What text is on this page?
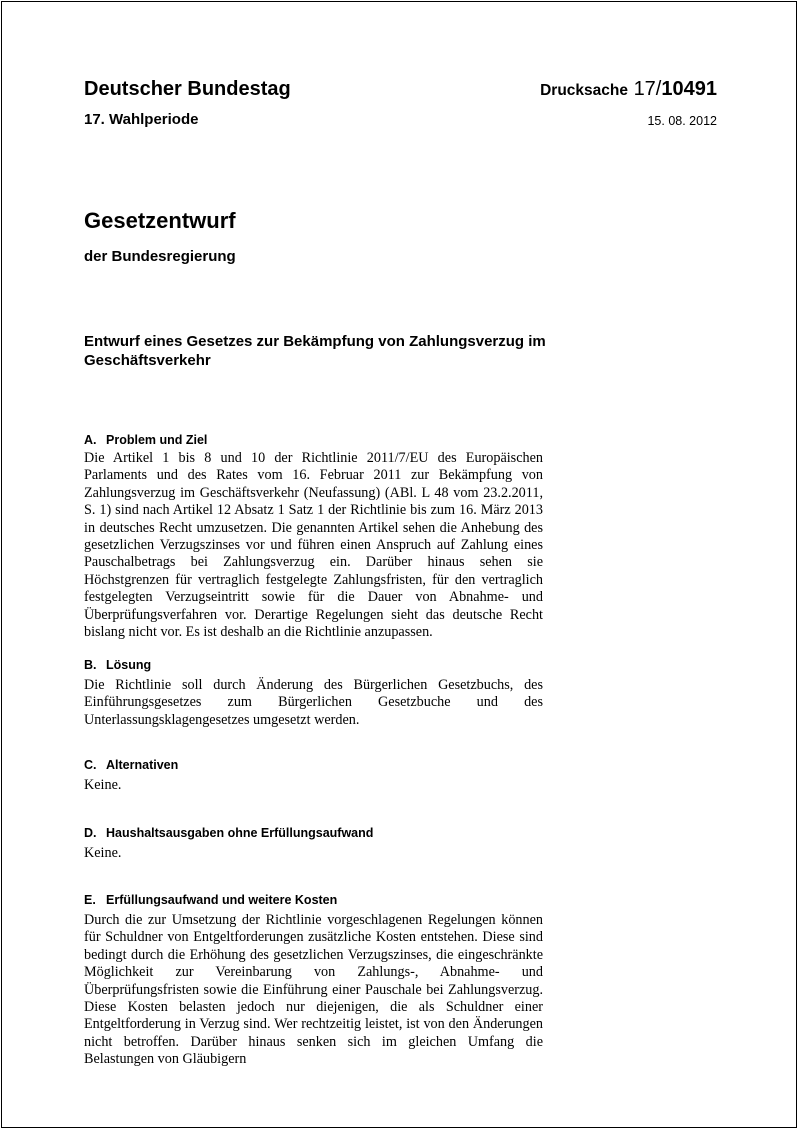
Deutscher Bundestag
17. Wahlperiode
Drucksache 17/10491
15. 08. 2012
Gesetzentwurf
der Bundesregierung
Entwurf eines Gesetzes zur Bekämpfung von Zahlungsverzug im Geschäftsverkehr
A. Problem und Ziel

Die Artikel 1 bis 8 und 10 der Richtlinie 2011/7/EU des Europäischen Parlaments und des Rates vom 16. Februar 2011 zur Bekämpfung von Zahlungsverzug im Geschäftsverkehr (Neufassung) (ABl. L 48 vom 23.2.2011, S. 1) sind nach Artikel 12 Absatz 1 Satz 1 der Richtlinie bis zum 16. März 2013 in deutsches Recht umzusetzen. Die genannten Artikel sehen die Anhebung des gesetzlichen Verzugszinses vor und führen einen Anspruch auf Zahlung eines Pauschalbetrags bei Zahlungsverzug ein. Darüber hinaus sehen sie Höchstgrenzen für vertraglich festgelegte Zahlungsfristen, für den vertraglich festgelegten Verzugseintritt sowie für die Dauer von Abnahme- und Überprüfungsverfahren vor. Derartige Regelungen sieht das deutsche Recht bislang nicht vor. Es ist deshalb an die Richtlinie anzupassen.

B. Lösung

Die Richtlinie soll durch Änderung des Bürgerlichen Gesetzbuchs, des Einführungsgesetzes zum Bürgerlichen Gesetzbuche und des Unterlassungsklagengesetzes umgesetzt werden.

C. Alternativen

Keine.

D. Haushaltsausgaben ohne Erfüllungsaufwand

Keine.

E. Erfüllungsaufwand und weitere Kosten

Durch die zur Umsetzung der Richtlinie vorgeschlagenen Regelungen können für Schuldner von Entgeltforderungen zusätzliche Kosten entstehen. Diese sind bedingt durch die Erhöhung des gesetzlichen Verzugszinses, die eingeschränkte Möglichkeit zur Vereinbarung von Zahlungs-, Abnahme- und Überprüfungsfristen sowie die Einführung einer Pauschale bei Zahlungsverzug. Diese Kosten belasten jedoch nur diejenigen, die als Schuldner einer Entgeltforderung in Verzug sind. Wer rechtzeitig leistet, ist von den Änderungen nicht betroffen. Darüber hinaus senken sich im gleichen Umfang die Belastungen von Gläubigern
